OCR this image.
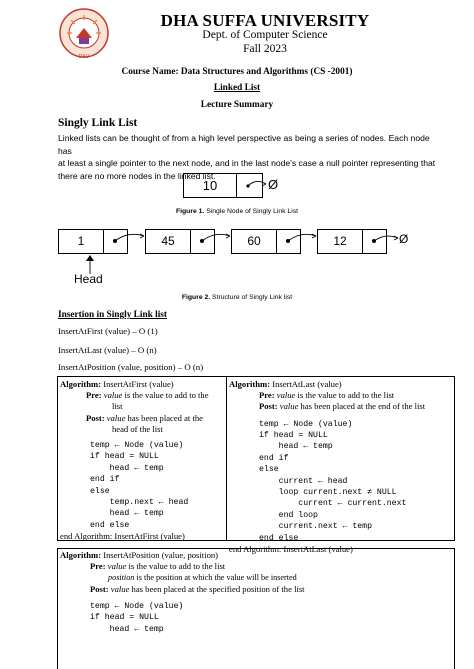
DSU
DHA SUFFA UNIVERSITY
Dept. of Computer Science
Fall 2023
Course Name: Data Structures and Algorithms (CS -2001)
Linked List
Lecture Summary
Singly Link List
Linked lists can be thought of from a high level perspective as being a series of nodes. Each node has
at least a single pointer to the next node, and in the last node's case a null pointer representing that
there are no more nodes in the linked list.
10	Ø
Figure 1. Single Node of Singly Link List
1	45	60	12	Ø
Head
Figure 2. Structure of Singly Link list
Insertion in Singly Link list
InsertAtFirst (value) – O (1)
InsertAtLast (value) – O (n)
InsertAtPosition (value, position) – O (n)
Algorithm: InsertAtFirst (value)
Pre: value is the value to add to the
list
Post: value has been placed at the
head of the list
temp ← Node (value)
if head = NULL
head ← temp
end if
else
temp.next ← head
head ← temp
end else
end Algorithm: InsertAtFirst (value)
Algorithm: InsertAtLast (value)
Pre: value is the value to add to the list
Post: value has been placed at the end of the list
temp ← Node (value)
if head = NULL
head ← temp
end if
else
current ← head
loop current.next ≠ NULL
current ← current.next
end loop
current.next ← temp
end else
end Algorithm: InsertAtLast (value)
Algorithm: InsertAtPosition (value, position)
Pre: value is the value to add to the list
position is the position at which the value will be inserted
Post: value has been placed at the specified position of the list
temp ← Node (value)
if head = NULL
head ← temp
